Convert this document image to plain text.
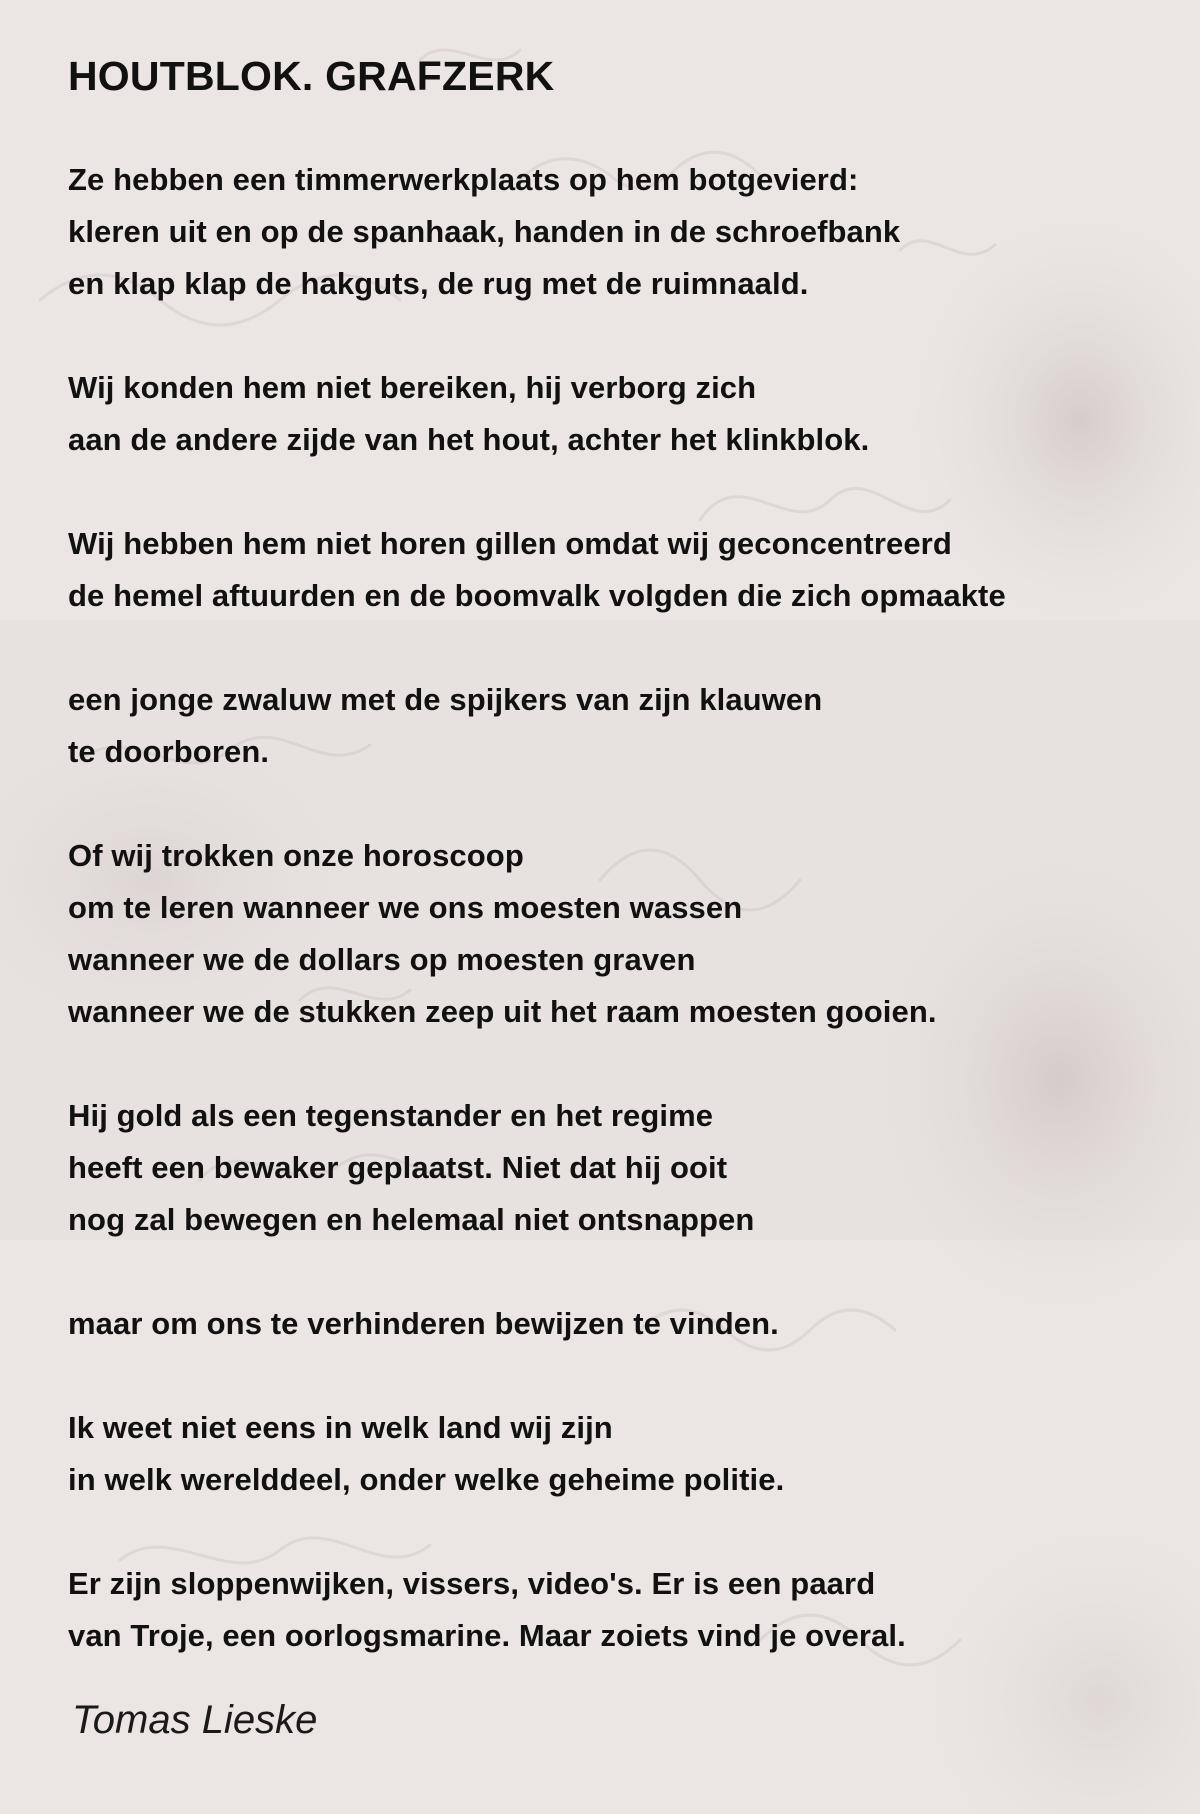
HOUTBLOK. GRAFZERK
Ze hebben een timmerwerkplaats op hem botgevierd:
kleren uit en op de spanhaak, handen in de schroefbank
en klap klap de hakguts, de rug met de ruimnaald.
Wij konden hem niet bereiken, hij verborg zich
aan de andere zijde van het hout, achter het klinkblok.
Wij hebben hem niet horen gillen omdat wij geconcentreerd
de hemel aftuurden en de boomvalk volgden die zich opmaakte
een jonge zwaluw met de spijkers van zijn klauwen
te doorboren.
Of wij trokken onze horoscoop
om te leren wanneer we ons moesten wassen
wanneer we de dollars op moesten graven
wanneer we de stukken zeep uit het raam moesten gooien.
Hij gold als een tegenstander en het regime
heeft een bewaker geplaatst. Niet dat hij ooit
nog zal bewegen en helemaal niet ontsnappen
maar om ons te verhinderen bewijzen te vinden.
Ik weet niet eens in welk land wij zijn
in welk werelddeel, onder welke geheime politie.
Er zijn sloppenwijken, vissers, video's. Er is een paard
van Troje, een oorlogsmarine. Maar zoiets vind je overal.
Tomas Lieske
